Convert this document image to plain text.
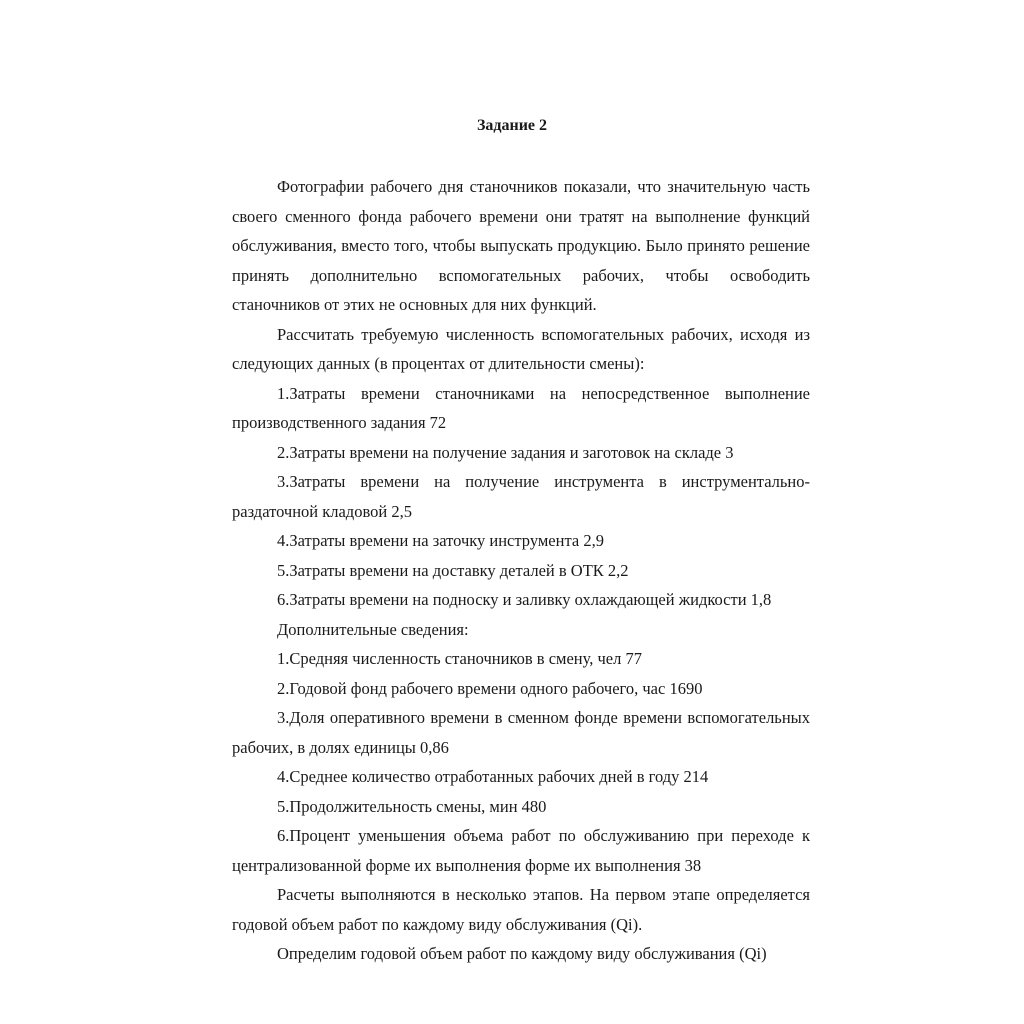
Задание 2

Фотографии рабочего дня станочников показали, что значительную часть своего сменного фонда рабочего времени они тратят на выполнение функций обслуживания, вместо того, чтобы выпускать продукцию. Было принято решение принять дополнительно вспомогательных рабочих, чтобы освободить станочников от этих не основных для них функций.

Рассчитать требуемую численность вспомогательных рабочих, исходя из следующих данных (в процентах от длительности смены):

1.Затраты времени станочниками на непосредственное выполнение производственного задания 72

2.Затраты времени на получение задания и заготовок на складе 3

3.Затраты времени на получение инструмента в инструментально-раздаточной кладовой 2,5

4.Затраты времени на заточку инструмента 2,9

5.Затраты времени на доставку деталей в ОТК 2,2

6.Затраты времени на подноску и заливку охлаждающей жидкости 1,8

Дополнительные сведения:

1.Средняя численность станочников в смену, чел 77

2.Годовой фонд рабочего времени одного рабочего, час 1690

3.Доля оперативного времени в сменном фонде времени вспомогательных рабочих, в долях единицы 0,86

4.Среднее количество отработанных рабочих дней в году 214

5.Продолжительность смены, мин 480

6.Процент уменьшения объема работ по обслуживанию при переходе к централизованной форме их выполнения форме их выполнения 38

Расчеты выполняются в несколько этапов. На первом этапе определяется годовой объем работ по каждому виду обслуживания (Qi).

Определим годовой объем работ по каждому виду обслуживания (Qi)
